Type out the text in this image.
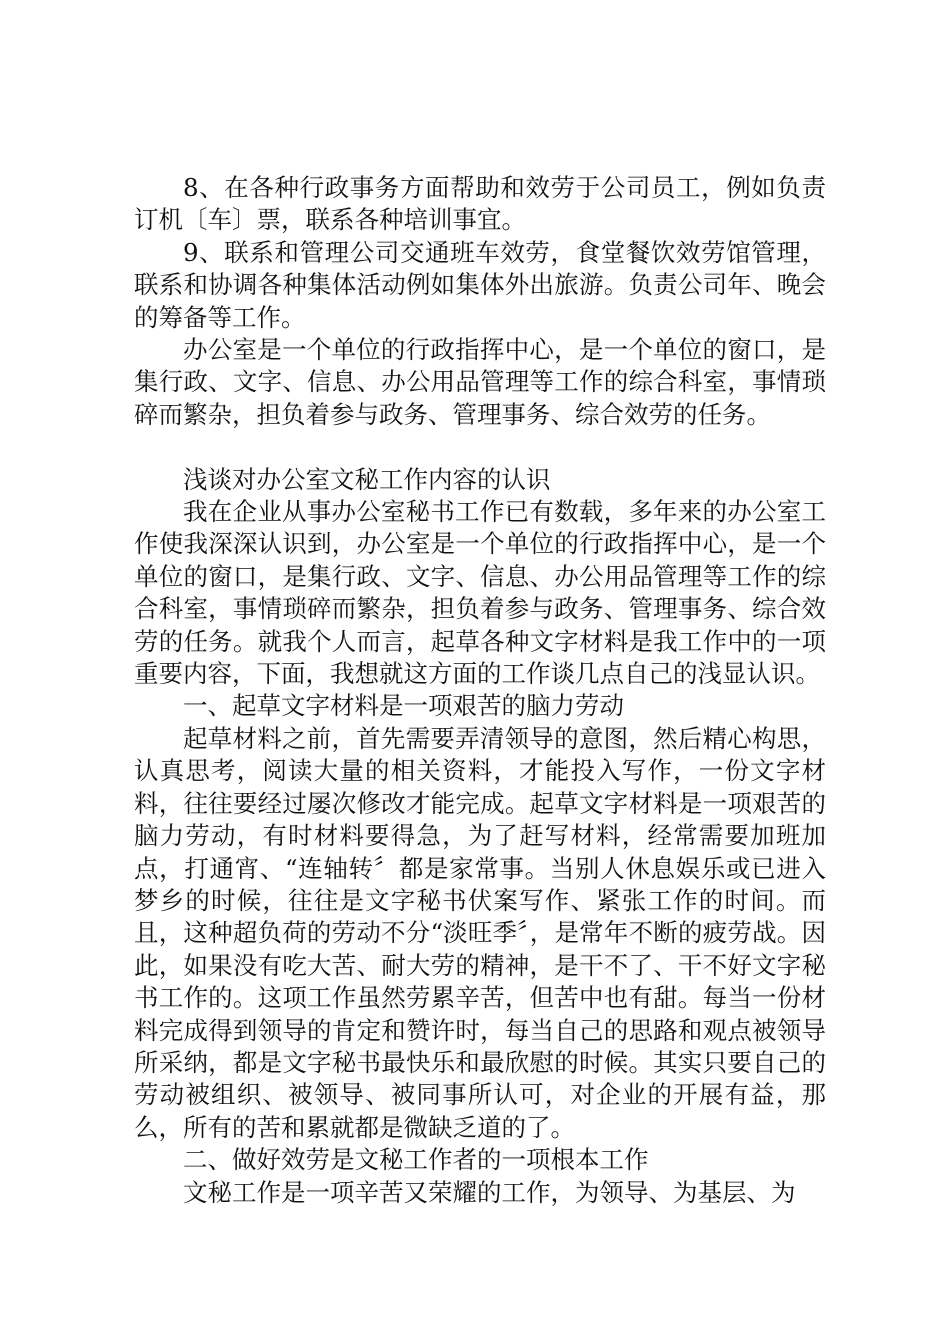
8、在各种行政事务方面帮助和效劳于公司员工，例如负责订机〔车〕票，联系各种培训事宜。

9、联系和管理公司交通班车效劳，食堂餐饮效劳馆管理，联系和协调各种集体活动例如集体外出旅游。负责公司年、晚会的筹备等工作。

办公室是一个单位的行政指挥中心，是一个单位的窗口，是集行政、文字、信息、办公用品管理等工作的综合科室，事情琐碎而繁杂，担负着参与政务、管理事务、综合效劳的任务。

浅谈对办公室文秘工作内容的认识

我在企业从事办公室秘书工作已有数载，多年来的办公室工作使我深深认识到，办公室是一个单位的行政指挥中心，是一个单位的窗口，是集行政、文字、信息、办公用品管理等工作的综合科室，事情琐碎而繁杂，担负着参与政务、管理事务、综合效劳的任务。就我个人而言，起草各种文字材料是我工作中的一项重要内容，下面，我想就这方面的工作谈几点自己的浅显认识。

一、起草文字材料是一项艰苦的脑力劳动

起草材料之前，首先需要弄清领导的意图，然后精心构思，认真思考，阅读大量的相关资料，才能投入写作，一份文字材料，往往要经过屡次修改才能完成。起草文字材料是一项艰苦的脑力劳动，有时材料要得急，为了赶写材料，经常需要加班加点，打通宵、“连轴转〞都是家常事。当别人休息娱乐或已进入梦乡的时候，往往是文字秘书伏案写作、紧张工作的时间。而且，这种超负荷的劳动不分“淡旺季〞，是常年不断的疲劳战。因此，如果没有吃大苦、耐大劳的精神，是干不了、干不好文字秘书工作的。这项工作虽然劳累辛苦，但苦中也有甜。每当一份材料完成得到领导的肯定和赞许时，每当自己的思路和观点被领导所采纳，都是文字秘书最快乐和最欣慰的时候。其实只要自己的劳动被组织、被领导、被同事所认可，对企业的开展有益，那么，所有的苦和累就都是微缺乏道的了。

二、做好效劳是文秘工作者的一项根本工作

文秘工作是一项辛苦又荣耀的工作，为领导、为基层、为
